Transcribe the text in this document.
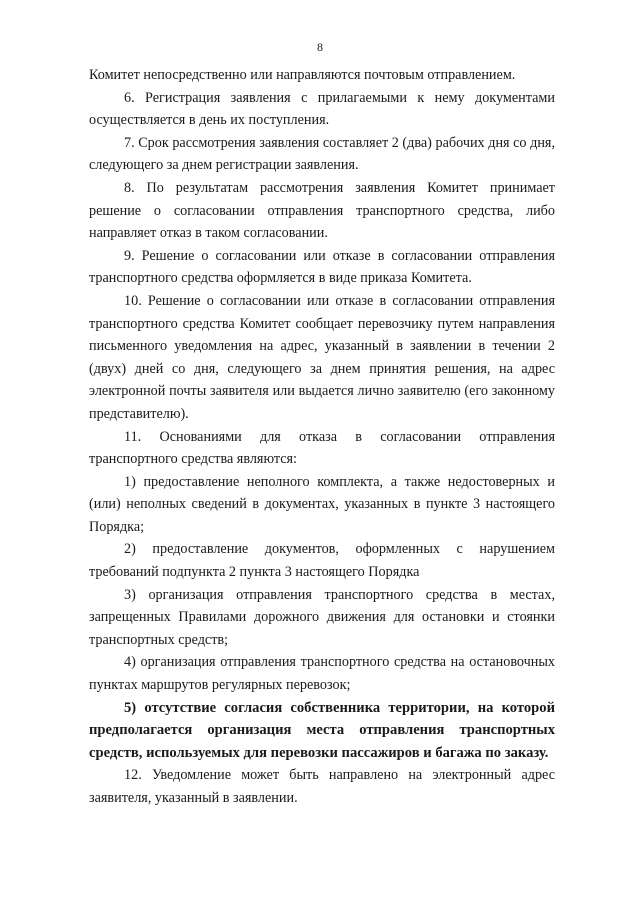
8

Комитет непосредственно или направляются почтовым отправлением.

6. Регистрация заявления с прилагаемыми к нему документами осуществляется в день их поступления.

7. Срок рассмотрения заявления составляет 2 (два) рабочих дня со дня, следующего за днем регистрации заявления.

8. По результатам рассмотрения заявления Комитет принимает решение о согласовании отправления транспортного средства, либо направляет отказ в таком согласовании.

9. Решение о согласовании или отказе в согласовании отправления транспортного средства оформляется в виде приказа Комитета.

10. Решение о согласовании или отказе в согласовании отправления транспортного средства Комитет сообщает перевозчику путем направления письменного уведомления на адрес, указанный в заявлении в течении 2 (двух) дней со дня, следующего за днем принятия решения, на адрес электронной почты заявителя или выдается лично заявителю (его законному представителю).

11. Основаниями для отказа в согласовании отправления транспортного средства являются:

1) предоставление неполного комплекта, а также недостоверных и (или) неполных сведений в документах, указанных в пункте 3 настоящего Порядка;

2) предоставление документов, оформленных с нарушением требований подпункта 2 пункта 3 настоящего Порядка

3) организация отправления транспортного средства в местах, запрещенных Правилами дорожного движения для остановки и стоянки транспортных средств;

4) организация отправления транспортного средства на остановочных пунктах маршрутов регулярных перевозок;

5) отсутствие согласия собственника территории, на которой предполагается организация места отправления транспортных средств, используемых для перевозки пассажиров и багажа по заказу.

12. Уведомление может быть направлено на электронный адрес заявителя, указанный в заявлении.
